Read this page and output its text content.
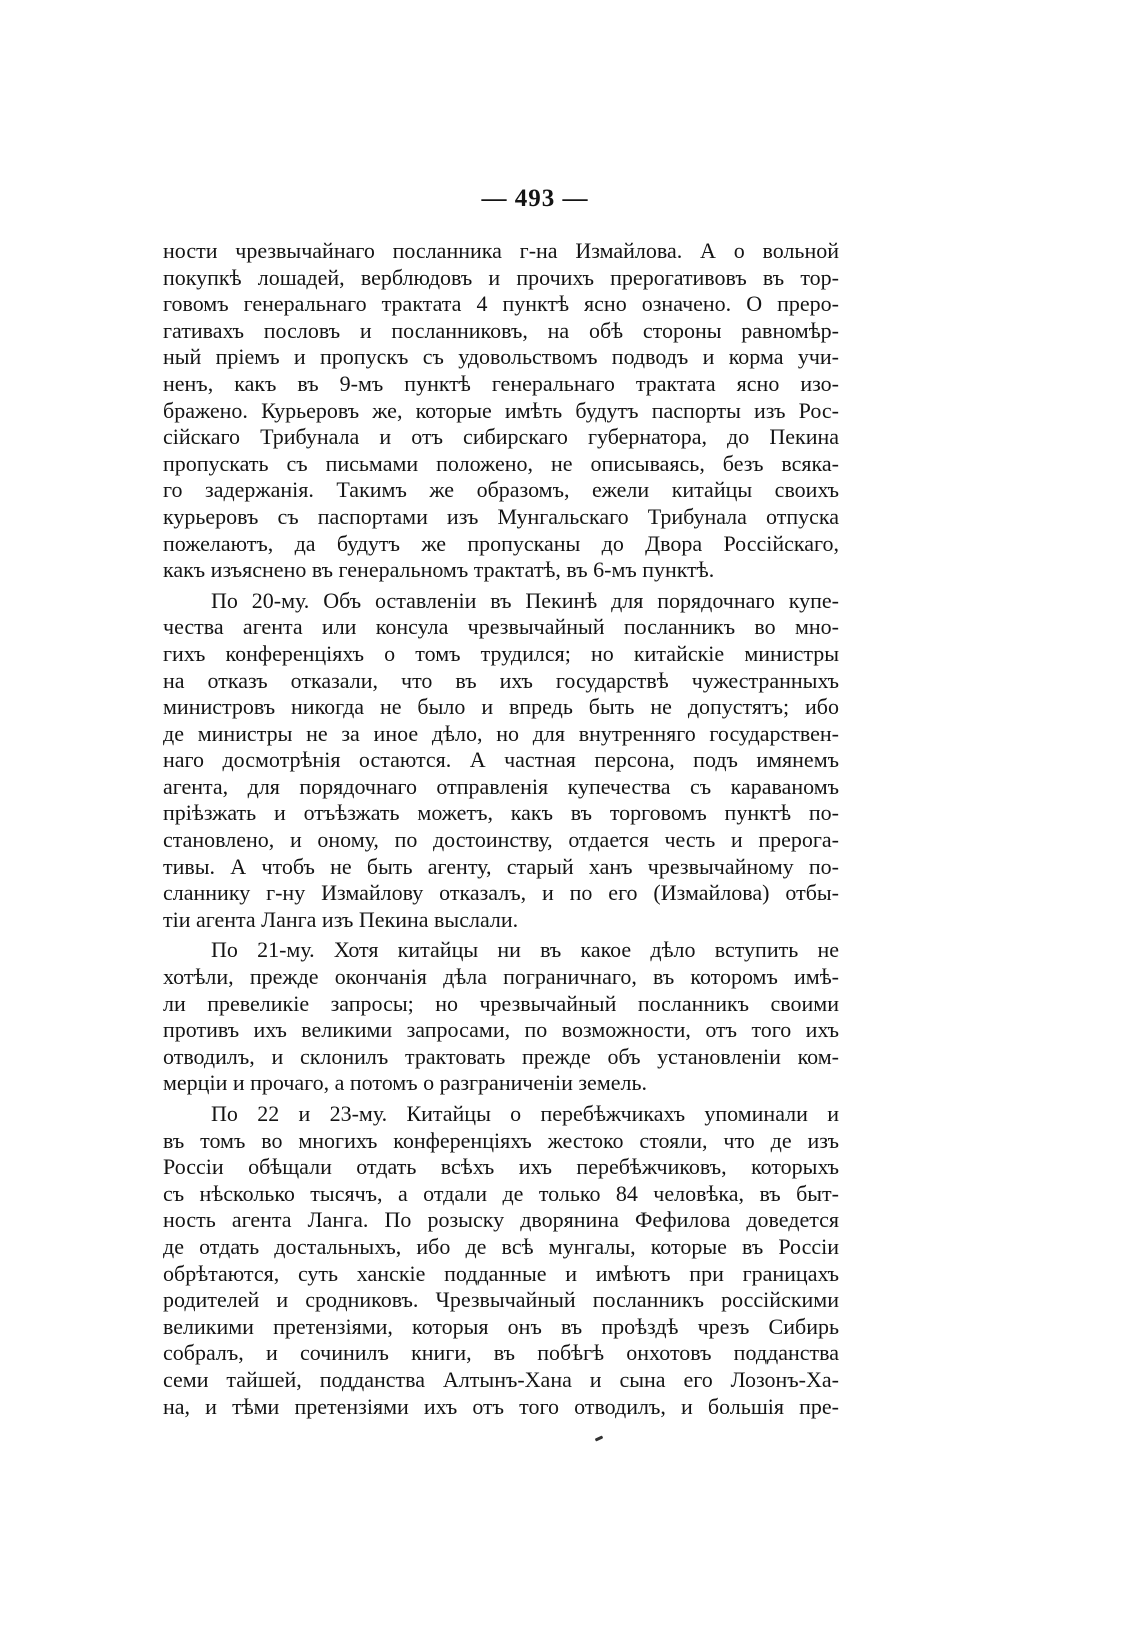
— 493 —
ности чрезвычайнаго посланника г-на Измайлова. А о вольной
покупкѣ лошадей, верблюдовъ и прочихъ прерогативовъ въ тор-
говомъ генеральнаго трактата 4 пунктѣ ясно означено. О преро-
гативахъ пословъ и посланниковъ, на обѣ стороны равномѣр-
ный пріемъ и пропускъ съ удовольствомъ подводъ и корма учи-
ненъ, какъ въ 9-мъ пунктѣ генеральнаго трактата ясно изо-
бражено. Курьеровъ же, которые имѣть будутъ паспорты изъ Рос-
сійскаго Трибунала и отъ сибирскаго губернатора, до Пекина
пропускать съ письмами положено, не описываясь, безъ всяка-
го задержанія. Такимъ же образомъ, ежели китайцы своихъ
курьеровъ съ паспортами изъ Мунгальскаго Трибунала отпуска
пожелаютъ, да будутъ же пропусканы до Двора Россійскаго,
какъ изъяснено въ генеральномъ трактатѣ, въ 6-мъ пунктѣ.
По 20-му. Объ оставленіи въ Пекинѣ для порядочнаго купе-
чества агента или консула чрезвычайный посланникъ во мно-
гихъ конференціяхъ о томъ трудился; но китайскіе министры
на отказъ отказали, что въ ихъ государствѣ чужестранныхъ
министровъ никогда не было и впредь быть не допустятъ; ибо
де министры не за иное дѣло, но для внутренняго государствен-
наго досмотрѣнія остаются. А частная персона, подъ имянемъ
агента, для порядочнаго отправленія купечества съ караваномъ
пріѣзжать и отъѣзжать можетъ, какъ въ торговомъ пунктѣ по-
становлено, и оному, по достоинству, отдается честь и прерога-
тивы. А чтобъ не быть агенту, старый ханъ чрезвычайному по-
сланнику г-ну Измайлову отказалъ, и по его (Измайлова) отбы-
тіи агента Ланга изъ Пекина выслали.
По 21-му. Хотя китайцы ни въ какое дѣло вступить не
хотѣли, прежде окончанія дѣла пограничнаго, въ которомъ имѣ-
ли превеликіе запросы; но чрезвычайный посланникъ своими
противъ ихъ великими запросами, по возможности, отъ того ихъ
отводилъ, и склонилъ трактовать прежде объ установленіи ком-
мерціи и прочаго, а потомъ о разграниченіи земель.
По 22 и 23-му. Китайцы о перебѣжчикахъ упоминали и
въ томъ во многихъ конференціяхъ жестоко стояли, что де изъ
Россіи обѣщали отдать всѣхъ ихъ перебѣжчиковъ, которыхъ
съ нѣсколько тысячъ, а отдали де только 84 человѣка, въ быт-
ность агента Ланга. По розыску дворянина Фефилова доведется
де отдать достальныхъ, ибо де всѣ мунгалы, которые въ Россіи
обрѣтаются, суть ханскіе подданные и имѣютъ при границахъ
родителей и сродниковъ. Чрезвычайный посланникъ россійскими
великими претензіями, которыя онъ въ проѣздѣ чрезъ Сибирь
собралъ, и сочинилъ книги, въ побѣгѣ онхотовъ подданства
семи тайшей, подданства Алтынъ-Хана и сына его Лозонъ-Ха-
на, и тѣми претензіями ихъ отъ того отводилъ, и большія пре-
